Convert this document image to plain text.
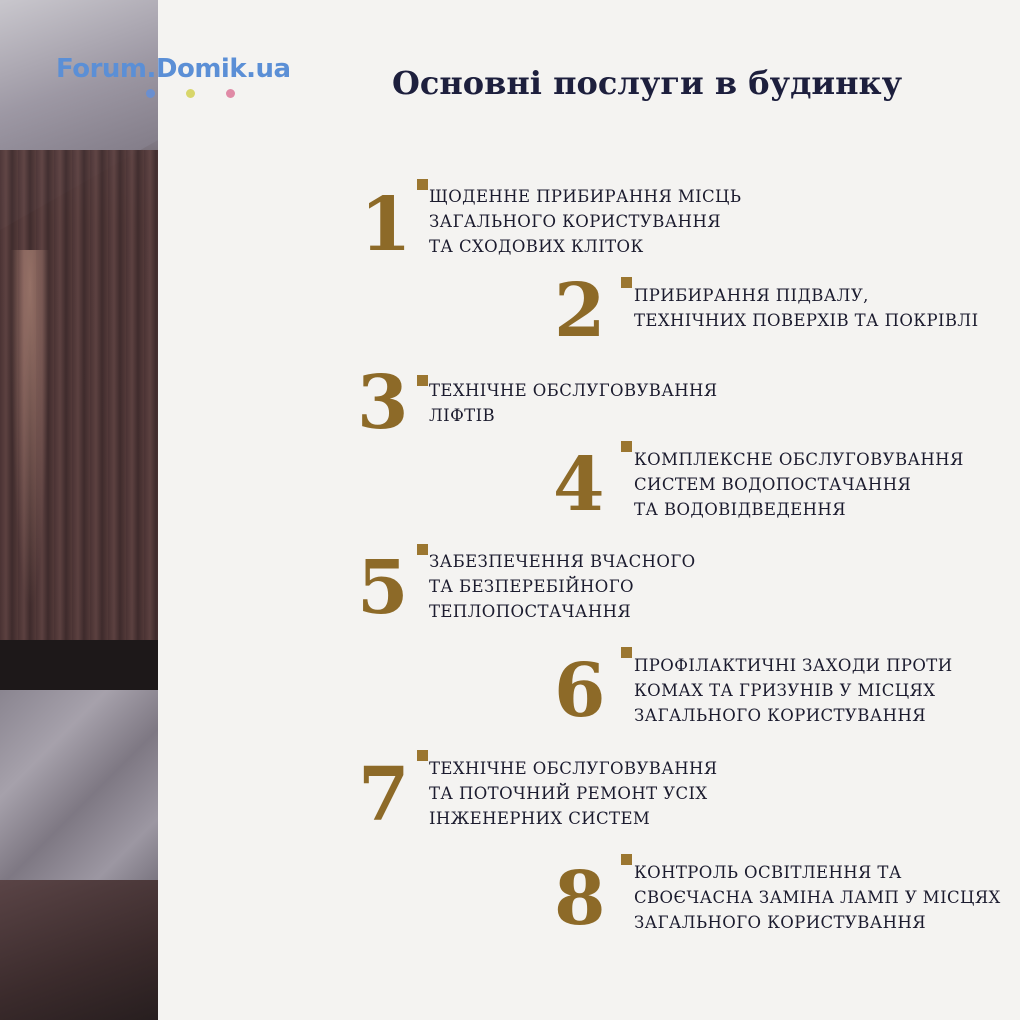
Forum.Domik.ua	Основні послуги в будинку
1 ЩОДЕННЕ ПРИБИРАННЯ МІСЦЬ
ЗАГАЛЬНОГО КОРИСТУВАННЯ
ТА СХОДОВИХ КЛІТОК
2 ПРИБИРАННЯ ПІДВАЛУ,
ТЕХНІЧНИХ ПОВЕРХІВ ТА ПОКРІВЛІ
3 ТЕХНІЧНЕ ОБСЛУГОВУВАННЯ
ЛІФТІВ
4 КОМПЛЕКСНЕ ОБСЛУГОВУВАННЯ
СИСТЕМ ВОДОПОСТАЧАННЯ
ТА ВОДОВІДВЕДЕННЯ
5 ЗАБЕЗПЕЧЕННЯ ВЧАСНОГО
ТА БЕЗПЕРЕБІЙНОГО
ТЕПЛОПОСТАЧАННЯ
6 ПРОФІЛАКТИЧНІ ЗАХОДИ ПРОТИ
КОМАХ ТА ГРИЗУНІВ У МІСЦЯХ
ЗАГАЛЬНОГО КОРИСТУВАННЯ
7 ТЕХНІЧНЕ ОБСЛУГОВУВАННЯ
ТА ПОТОЧНИЙ РЕМОНТ УСІХ
ІНЖЕНЕРНИХ СИСТЕМ
8 КОНТРОЛЬ ОСВІТЛЕННЯ ТА
СВОЄЧАСНА ЗАМІНА ЛАМП У МІСЦЯХ
ЗАГАЛЬНОГО КОРИСТУВАННЯ
